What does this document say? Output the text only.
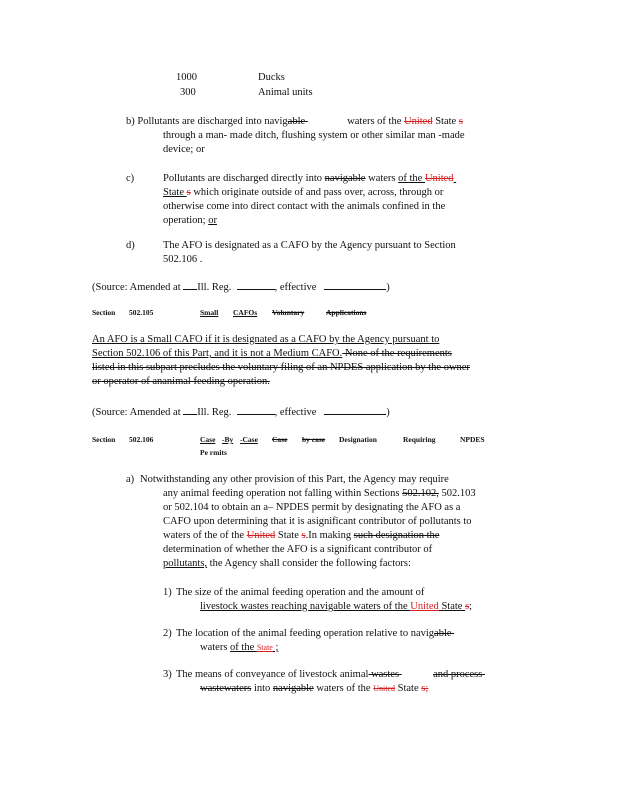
1000	Ducks
300	Animal units
b) Pollutants are discharged into navigable	waters of the United State s
through a man- made ditch, flushing system or other similar man -made
device; or
c)	Pollutants are discharged directly into navigable waters of the United
State s which originate outside of and pass over, across, through or
otherwise come into direct contact with the animals confined in the
operation; or
d)	The AFO is designated as a CAFO by the Agency pursuant to Section
502.106 .
(Source: Amended at Ill. Reg.	, effective	)
Section 502.105	Small CAFOs Voluntary	Applications
An AFO is a Small CAFO if it is designated as a CAFO by the Agency pursuant to
Section 502.106 of this Part, and it is not a Medium CAFO. None of the requirements
listed in this subpart precludes the voluntary filing of an NPDES application by the owner
or operator of ananimal feeding operation.
(Source: Amended at Ill. Reg.	, effective	)
Section 502.106	Case -By -Case Case by case Designation	Requiring	NPDES
Pe rmits
a) Notwithstanding any other provision of this Part, the Agency may require
any animal feeding operation not falling within Sections 502.102, 502.103
or 502.104 to obtain an a– NPDES permit by designating the AFO as a
CAFO upon determining that it is asignificant contributor of pollutants to
waters of the of the United State s.In making such designation the
determination of whether the AFO is a significant contributor of
pollutants, the Agency shall consider the following factors:
1) The size of the animal feeding operation and the amount of
livestock wastes reaching navigable waters of the United State s;
2) The location of the animal feeding operation relative to navigable
waters of the State ;
3) The means of conveyance of livestock animal wastes	and process
wastewaters into navigable waters of the United State s;
